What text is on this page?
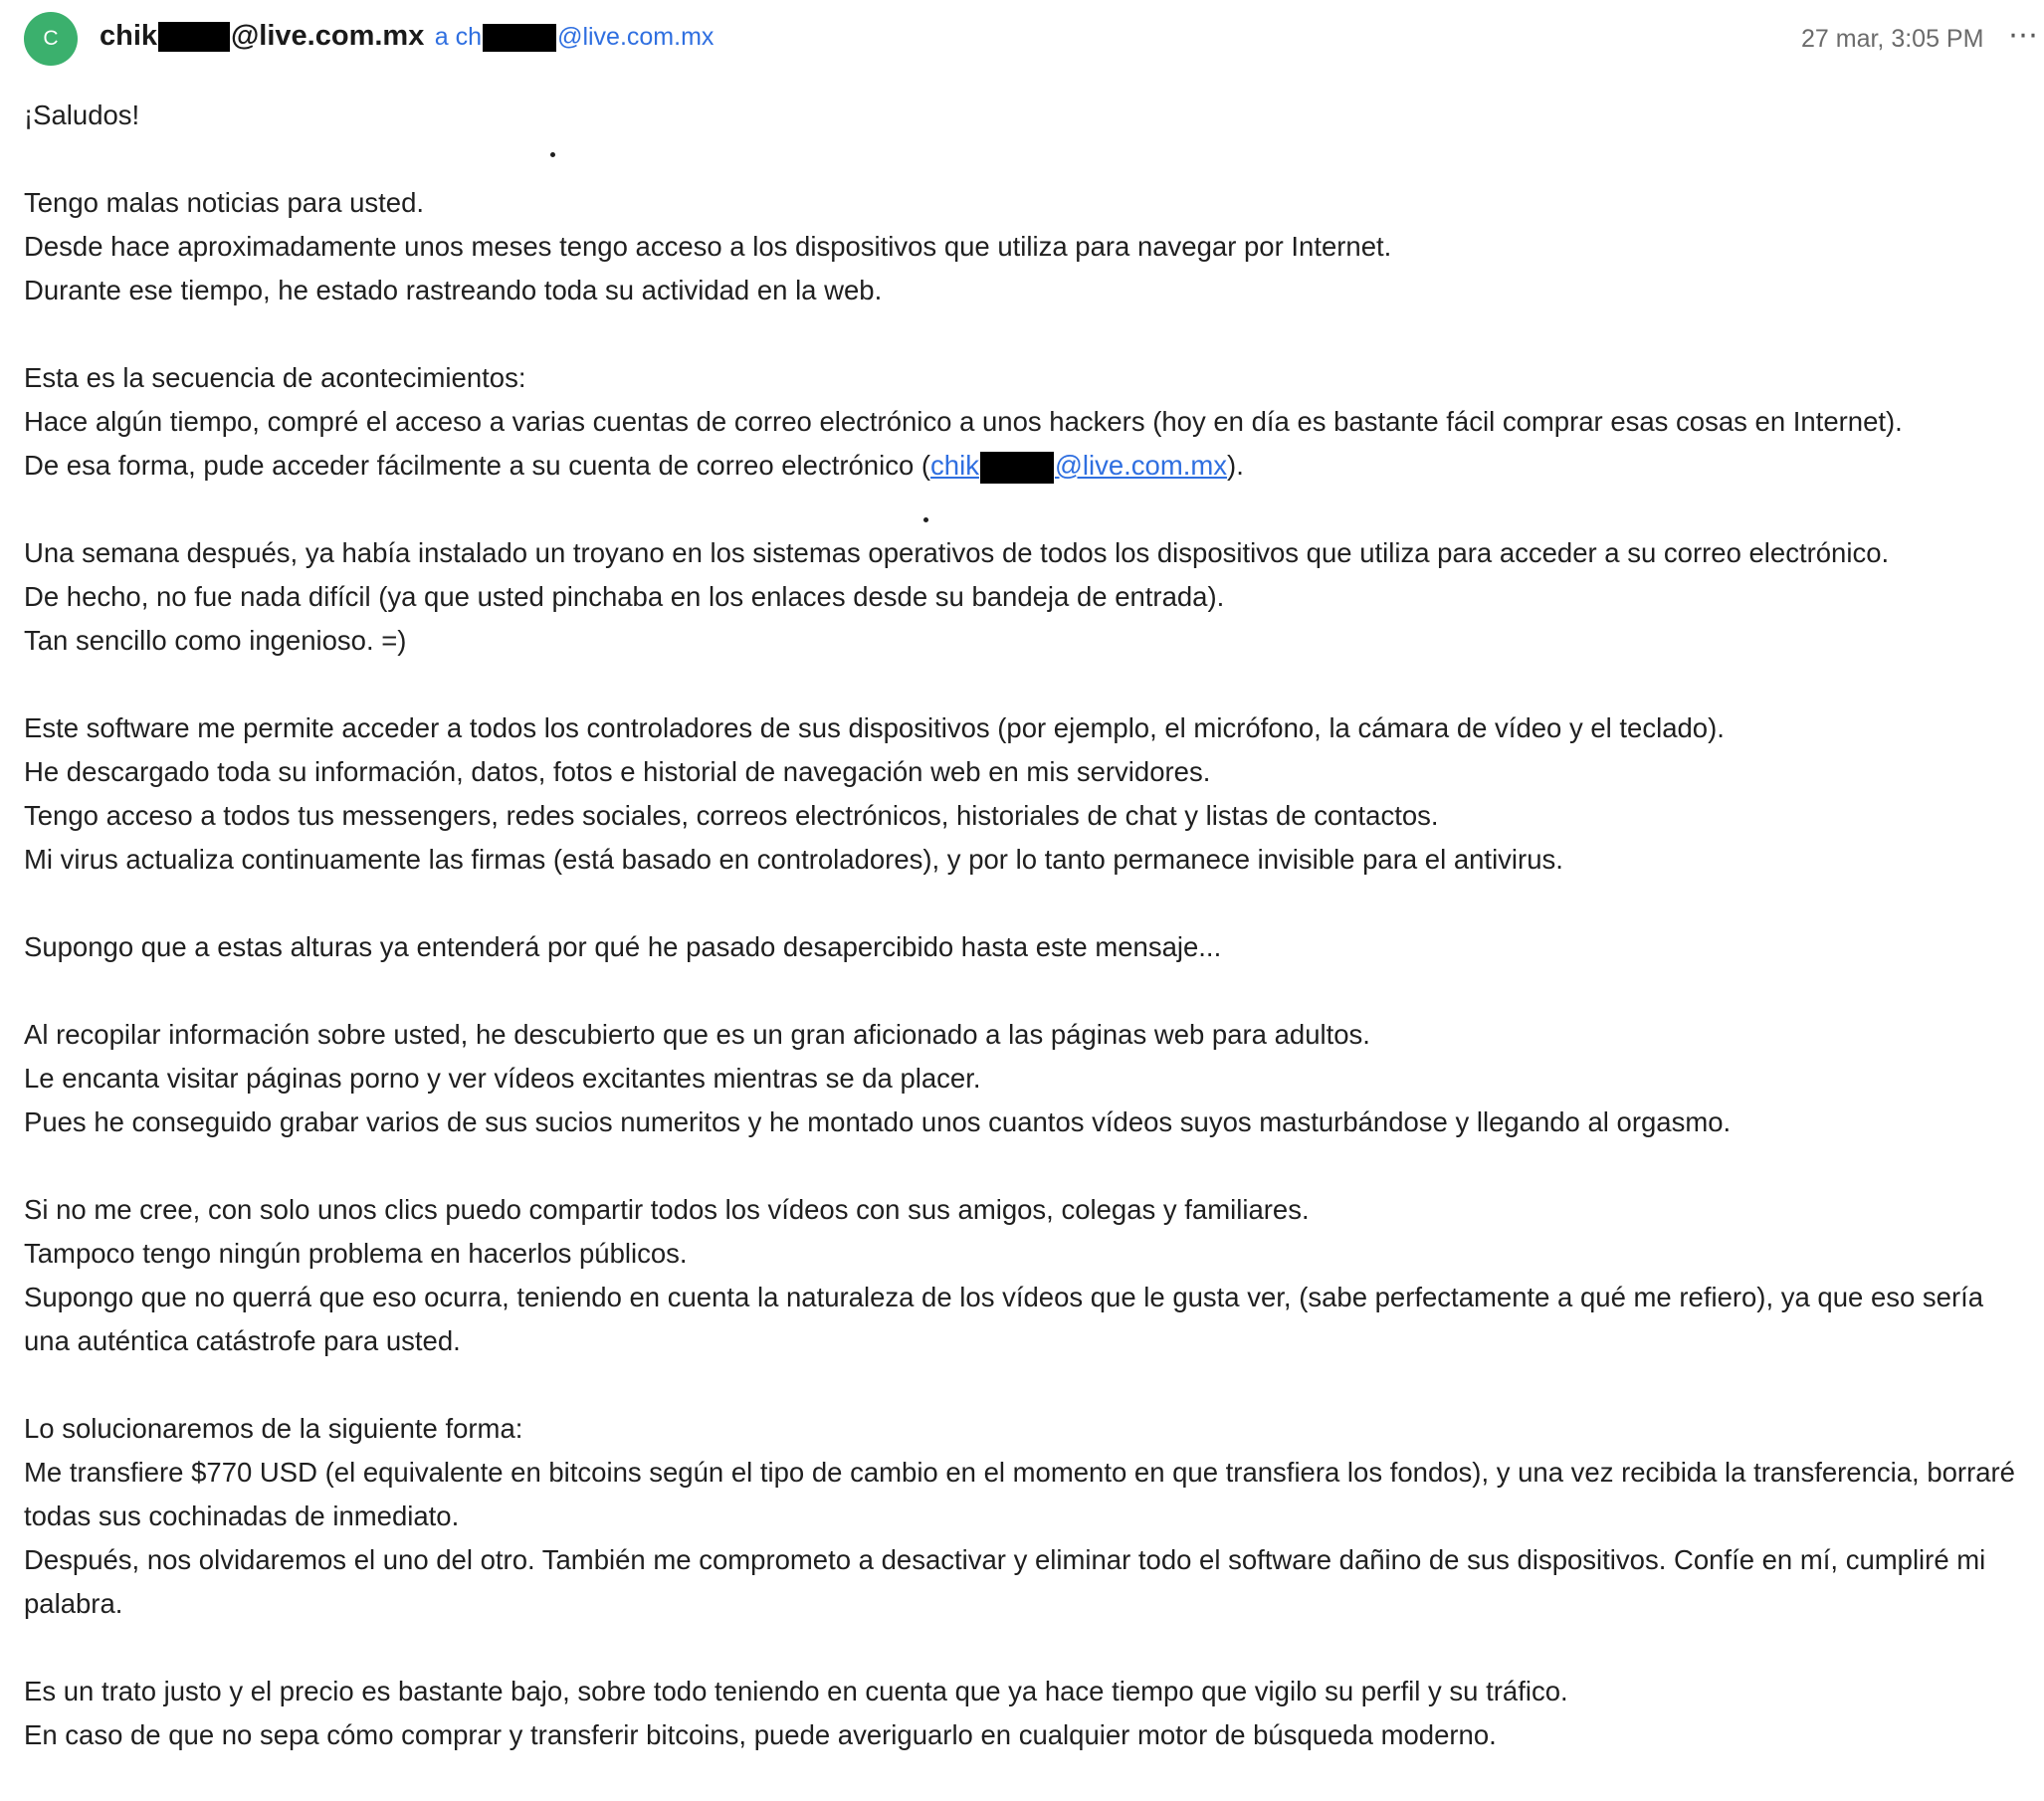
C	chik	@live.com.mx a ch	@live.com.mx	27 mar, 3:05 PM ⋯

¡Saludos!

Tengo malas noticias para usted.
Desde hace aproximadamente unos meses tengo acceso a los dispositivos que utiliza para navegar por Internet.
Durante ese tiempo, he estado rastreando toda su actividad en la web.

Esta es la secuencia de acontecimientos:
Hace algún tiempo, compré el acceso a varias cuentas de correo electrónico a unos hackers (hoy en día es bastante fácil comprar esas cosas en Internet).
De esa forma, pude acceder fácilmente a su cuenta de correo electrónico (chik	@live.com.mx).

Una semana después, ya había instalado un troyano en los sistemas operativos de todos los dispositivos que utiliza para acceder a su correo electrónico.
De hecho, no fue nada difícil (ya que usted pinchaba en los enlaces desde su bandeja de entrada).
Tan sencillo como ingenioso. =)

Este software me permite acceder a todos los controladores de sus dispositivos (por ejemplo, el micrófono, la cámara de vídeo y el teclado).
He descargado toda su información, datos, fotos e historial de navegación web en mis servidores.
Tengo acceso a todos tus messengers, redes sociales, correos electrónicos, historiales de chat y listas de contactos.
Mi virus actualiza continuamente las firmas (está basado en controladores), y por lo tanto permanece invisible para el antivirus.

Supongo que a estas alturas ya entenderá por qué he pasado desapercibido hasta este mensaje...

Al recopilar información sobre usted, he descubierto que es un gran aficionado a las páginas web para adultos.
Le encanta visitar páginas porno y ver vídeos excitantes mientras se da placer.
Pues he conseguido grabar varios de sus sucios numeritos y he montado unos cuantos vídeos suyos masturbándose y llegando al orgasmo.

Si no me cree, con solo unos clics puedo compartir todos los vídeos con sus amigos, colegas y familiares.
Tampoco tengo ningún problema en hacerlos públicos.
Supongo que no querrá que eso ocurra, teniendo en cuenta la naturaleza de los vídeos que le gusta ver, (sabe perfectamente a qué me refiero), ya que eso sería una auténtica catástrofe para usted.

Lo solucionaremos de la siguiente forma:
Me transfiere $770 USD (el equivalente en bitcoins según el tipo de cambio en el momento en que transfiera los fondos), y una vez recibida la transferencia, borraré todas sus cochinadas de inmediato.
Después, nos olvidaremos el uno del otro. También me comprometo a desactivar y eliminar todo el software dañino de sus dispositivos. Confíe en mí, cumpliré mi palabra.

Es un trato justo y el precio es bastante bajo, sobre todo teniendo en cuenta que ya hace tiempo que vigilo su perfil y su tráfico.
En caso de que no sepa cómo comprar y transferir bitcoins, puede averiguarlo en cualquier motor de búsqueda moderno.
